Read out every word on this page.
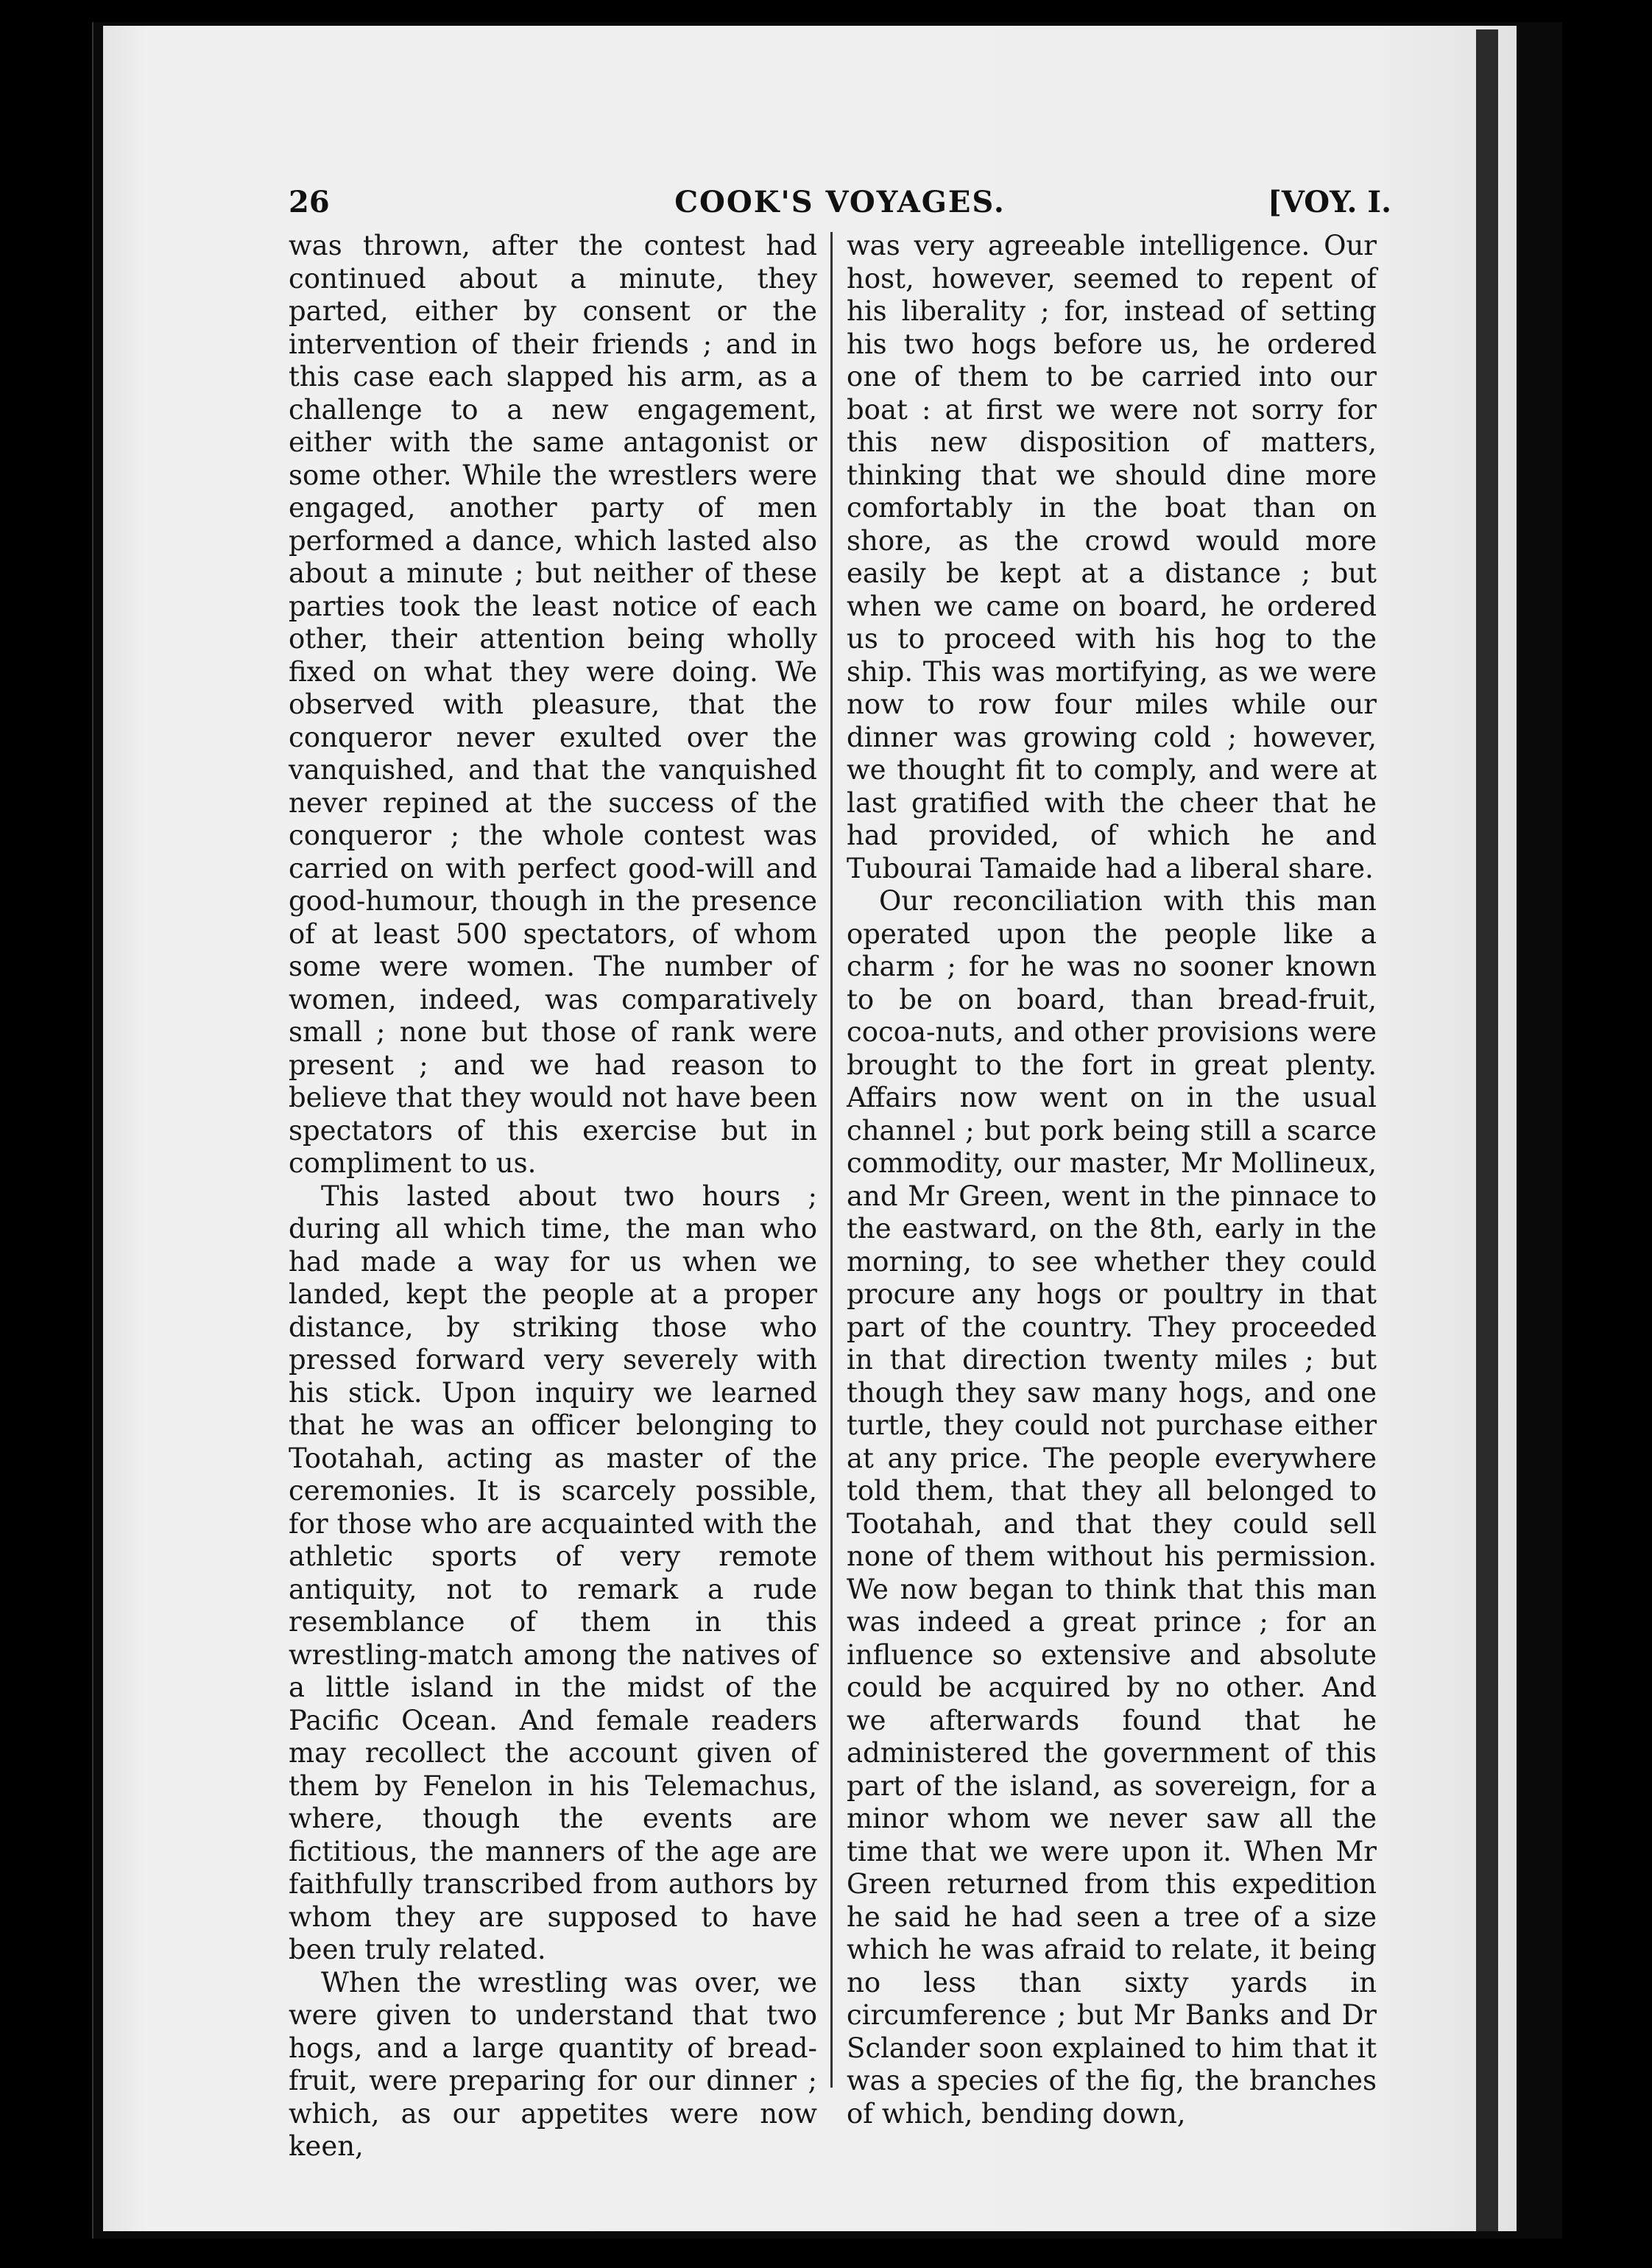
COOK'S VOYAGES.
26	[VOY. I.

was thrown, after the contest had continued about a minute, they parted, either by consent or the intervention of their friends ; and in this case each slapped his arm, as a challenge to a new engagement, either with the same antagonist or some other. While the wrestlers were engaged, another party of men performed a dance, which lasted also about a minute ; but neither of these parties took the least notice of each other, their attention being wholly fixed on what they were doing. We observed with pleasure, that the conqueror never exulted over the vanquished, and that the vanquished never repined at the success of the conqueror ; the whole contest was carried on with perfect good-will and good-humour, though in the presence of at least 500 spectators, of whom some were women. The number of women, indeed, was comparatively small ; none but those of rank were present ; and we had reason to believe that they would not have been spectators of this exercise but in compliment to us.

This lasted about two hours ; during all which time, the man who had made a way for us when we landed, kept the people at a proper distance, by striking those who pressed forward very severely with his stick. Upon inquiry we learned that he was an officer belonging to Tootahah, acting as master of the ceremonies. It is scarcely possible, for those who are acquainted with the athletic sports of very remote antiquity, not to remark a rude resemblance of them in this wrestling-match among the natives of a little island in the midst of the Pacific Ocean. And female readers may recollect the account given of them by Fenelon in his Telemachus, where, though the events are fictitious, the manners of the age are faithfully transcribed from authors by whom they are supposed to have been truly related.

When the wrestling was over, we were given to understand that two hogs, and a large quantity of bread-fruit, were preparing for our dinner ; which, as our appetites were now keen,

was very agreeable intelligence. Our host, however, seemed to repent of his liberality ; for, instead of setting his two hogs before us, he ordered one of them to be carried into our boat : at first we were not sorry for this new disposition of matters, thinking that we should dine more comfortably in the boat than on shore, as the crowd would more easily be kept at a distance ; but when we came on board, he ordered us to proceed with his hog to the ship. This was mortifying, as we were now to row four miles while our dinner was growing cold ; however, we thought fit to comply, and were at last gratified with the cheer that he had provided, of which he and Tubourai Tamaide had a liberal share.

Our reconciliation with this man operated upon the people like a charm ; for he was no sooner known to be on board, than bread-fruit, cocoa-nuts, and other provisions were brought to the fort in great plenty. Affairs now went on in the usual channel ; but pork being still a scarce commodity, our master, Mr Mollineux, and Mr Green, went in the pinnace to the eastward, on the 8th, early in the morning, to see whether they could procure any hogs or poultry in that part of the country. They proceeded in that direction twenty miles ; but though they saw many hogs, and one turtle, they could not purchase either at any price. The people everywhere told them, that they all belonged to Tootahah, and that they could sell none of them without his permission. We now began to think that this man was indeed a great prince ; for an influence so extensive and absolute could be acquired by no other. And we afterwards found that he administered the government of this part of the island, as sovereign, for a minor whom we never saw all the time that we were upon it. When Mr Green returned from this expedition he said he had seen a tree of a size which he was afraid to relate, it being no less than sixty yards in circumference ; but Mr Banks and Dr Sclander soon explained to him that it was a species of the fig, the branches of which, bending down,
